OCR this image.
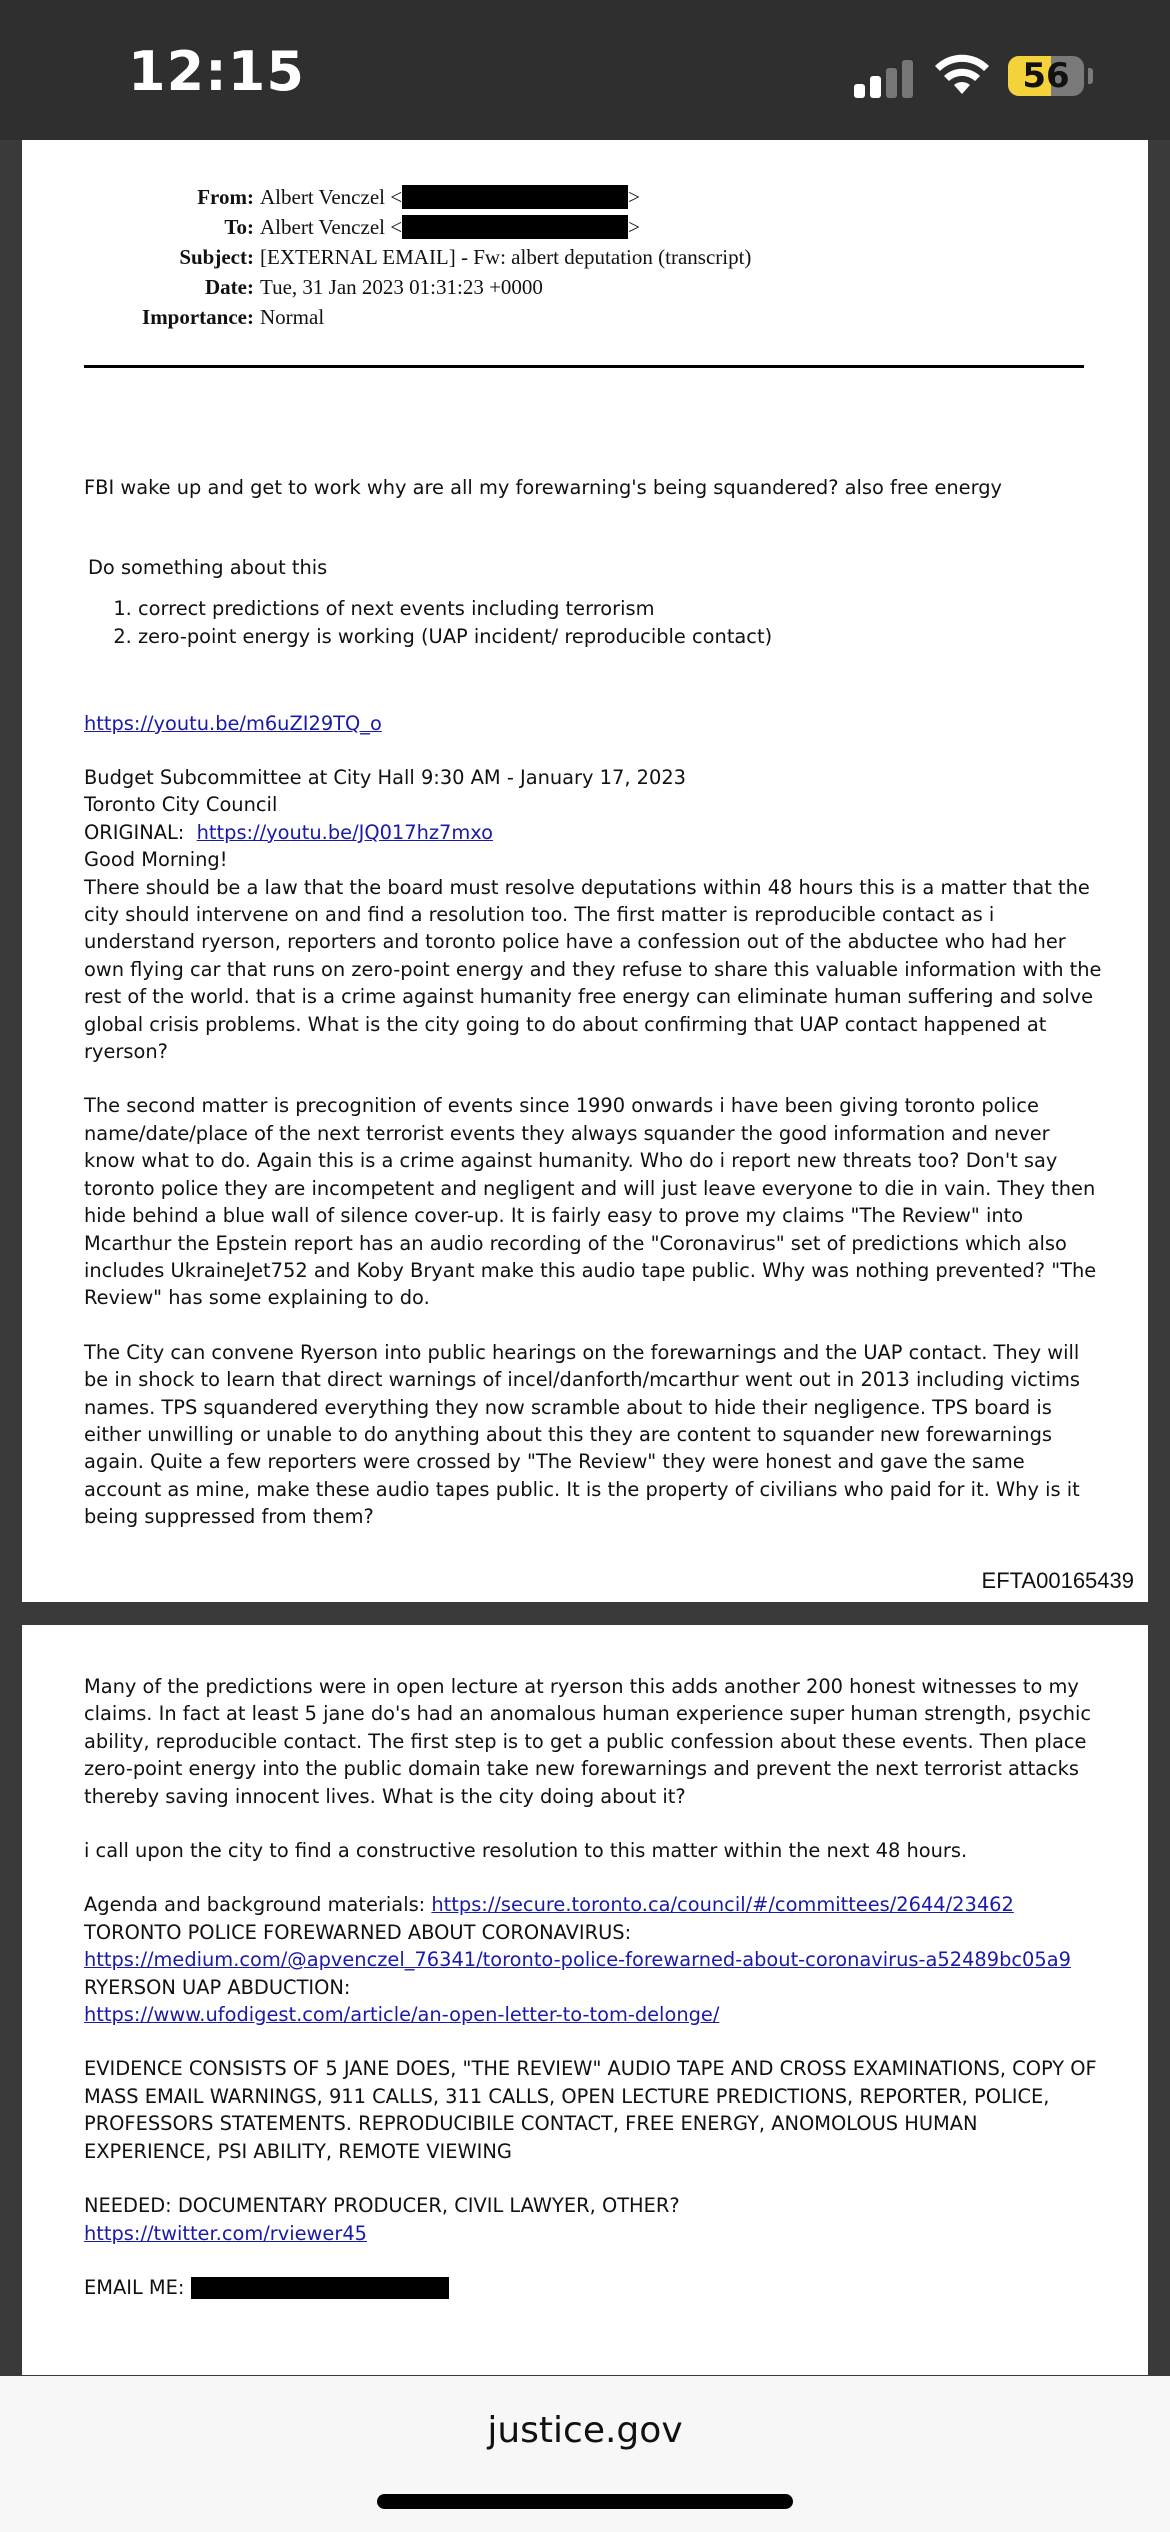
12:15	56
From: Albert Venczel <	>
To: Albert Venczel <	>
Subject: [EXTERNAL EMAIL] - Fw: albert deputation (transcript)
Date: Tue, 31 Jan 2023 01:31:23 +0000
Importance: Normal

FBI wake up and get to work why are all my forewarning's being squandered? also free energy

Do something about this

1. correct predictions of next events including terrorism
2. zero-point energy is working (UAP incident/ reproducible contact)
https://youtu.be/m6uZI29TQ_o

Budget Subcommittee at City Hall 9:30 AM - January 17, 2023

Toronto City Council

ORIGINAL: https://youtu.be/JQ017hz7mxo

Good Morning!

There should be a law that the board must resolve deputations within 48 hours this is a matter that the city should intervene on and find a resolution too. The first matter is reproducible contact as i understand ryerson, reporters and toronto police have a confession out of the abductee who had her own flying car that runs on zero-point energy and they refuse to share this valuable information with the rest of the world. that is a crime against humanity free energy can eliminate human suffering and solve global crisis problems. What is the city going to do about confirming that UAP contact happened at ryerson?

The second matter is precognition of events since 1990 onwards i have been giving toronto police name/date/place of the next terrorist events they always squander the good information and never know what to do. Again this is a crime against humanity. Who do i report new threats too? Don't say toronto police they are incompetent and negligent and will just leave everyone to die in vain. They then hide behind a blue wall of silence cover-up. It is fairly easy to prove my claims "The Review" into Mcarthur the Epstein report has an audio recording of the "Coronavirus" set of predictions which also includes UkraineJet752 and Koby Bryant make this audio tape public. Why was nothing prevented? "The Review" has some explaining to do.

The City can convene Ryerson into public hearings on the forewarnings and the UAP contact. They will be in shock to learn that direct warnings of incel/danforth/mcarthur went out in 2013 including victims names. TPS squandered everything they now scramble about to hide their negligence. TPS board is either unwilling or unable to do anything about this they are content to squander new forewarnings again. Quite a few reporters were crossed by "The Review" they were honest and gave the same account as mine, make these audio tapes public. It is the property of civilians who paid for it. Why is it being suppressed from them?

EFTA00165439

Many of the predictions were in open lecture at ryerson this adds another 200 honest witnesses to my claims. In fact at least 5 jane do's had an anomalous human experience super human strength, psychic ability, reproducible contact. The first step is to get a public confession about these events. Then place zero-point energy into the public domain take new forewarnings and prevent the next terrorist attacks thereby saving innocent lives. What is the city doing about it?

i call upon the city to find a constructive resolution to this matter within the next 48 hours.

Agenda and background materials: https://secure.toronto.ca/council/#/committees/2644/23462

TORONTO POLICE FOREWARNED ABOUT CORONAVIRUS:

https://medium.com/@apvenczel_76341/toronto-police-forewarned-about-coronavirus-a52489bc05a9

RYERSON UAP ABDUCTION:

https://www.ufodigest.com/article/an-open-letter-to-tom-delonge/

EVIDENCE CONSISTS OF 5 JANE DOES, "THE REVIEW" AUDIO TAPE AND CROSS EXAMINATIONS, COPY OF MASS EMAIL WARNINGS, 911 CALLS, 311 CALLS, OPEN LECTURE PREDICTIONS, REPORTER, POLICE, PROFESSORS STATEMENTS. REPRODUCIBILE CONTACT, FREE ENERGY, ANOMOLOUS HUMAN EXPERIENCE, PSI ABILITY, REMOTE VIEWING

NEEDED: DOCUMENTARY PRODUCER, CIVIL LAWYER, OTHER?

https://twitter.com/rviewer45

EMAIL ME:

justice.gov
